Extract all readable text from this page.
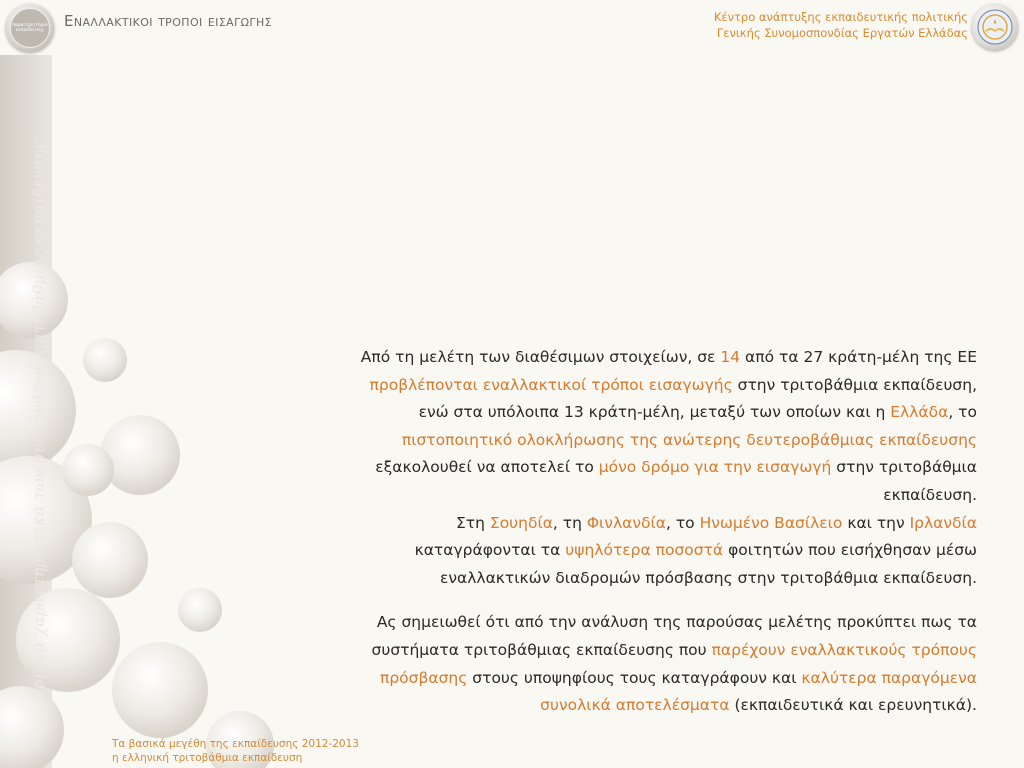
παρατηρητήριο
εκπαίδευσης
Εναλλακτικοι τροποι εισαγωγης	Κέντρο ανάπτυξης εκπαιδευτικής πολιτικής
Γενικής Συνομοσπονδίας Εργατών Ελλάδας
Δομικά χαρακτηριστικά των συστημάτων τριτοβάθμιας εκπαίδευσης	Από τη μελέτη των διαθέσιμων στοιχείων, σε 14 από τα 27 κράτη-μέλη της ΕΕ
προβλέπονται εναλλακτικοί τρόποι εισαγωγής στην τριτοβάθμια εκπαίδευση,
ενώ στα υπόλοιπα 13 κράτη-μέλη, μεταξύ των οποίων και η Ελλάδα, το
πιστοποιητικό ολοκλήρωσης της ανώτερης δευτεροβάθμιας εκπαίδευσης
εξακολουθεί να αποτελεί το μόνο δρόμο για την εισαγωγή στην τριτοβάθμια
εκπαίδευση.
Στη Σουηδία, τη Φινλανδία, το Ηνωμένο Βασίλειο και την Ιρλανδία
καταγράφονται τα υψηλότερα ποσοστά φοιτητών που εισήχθησαν μέσω
εναλλακτικών διαδρομών πρόσβασης στην τριτοβάθμια εκπαίδευση.
Ας σημειωθεί ότι από την ανάλυση της παρούσας μελέτης προκύπτει πως τα
συστήματα τριτοβάθμιας εκπαίδευσης που παρέχουν εναλλακτικούς τρόπους
πρόσβασης στους υποψηφίους τους καταγράφουν και καλύτερα παραγόμενα
συνολικά αποτελέσματα (εκπαιδευτικά και ερευνητικά).
Τα βασικά μεγέθη της εκπαίδευσης 2012-2013
η ελληνική τριτοβάθμια εκπαίδευση
